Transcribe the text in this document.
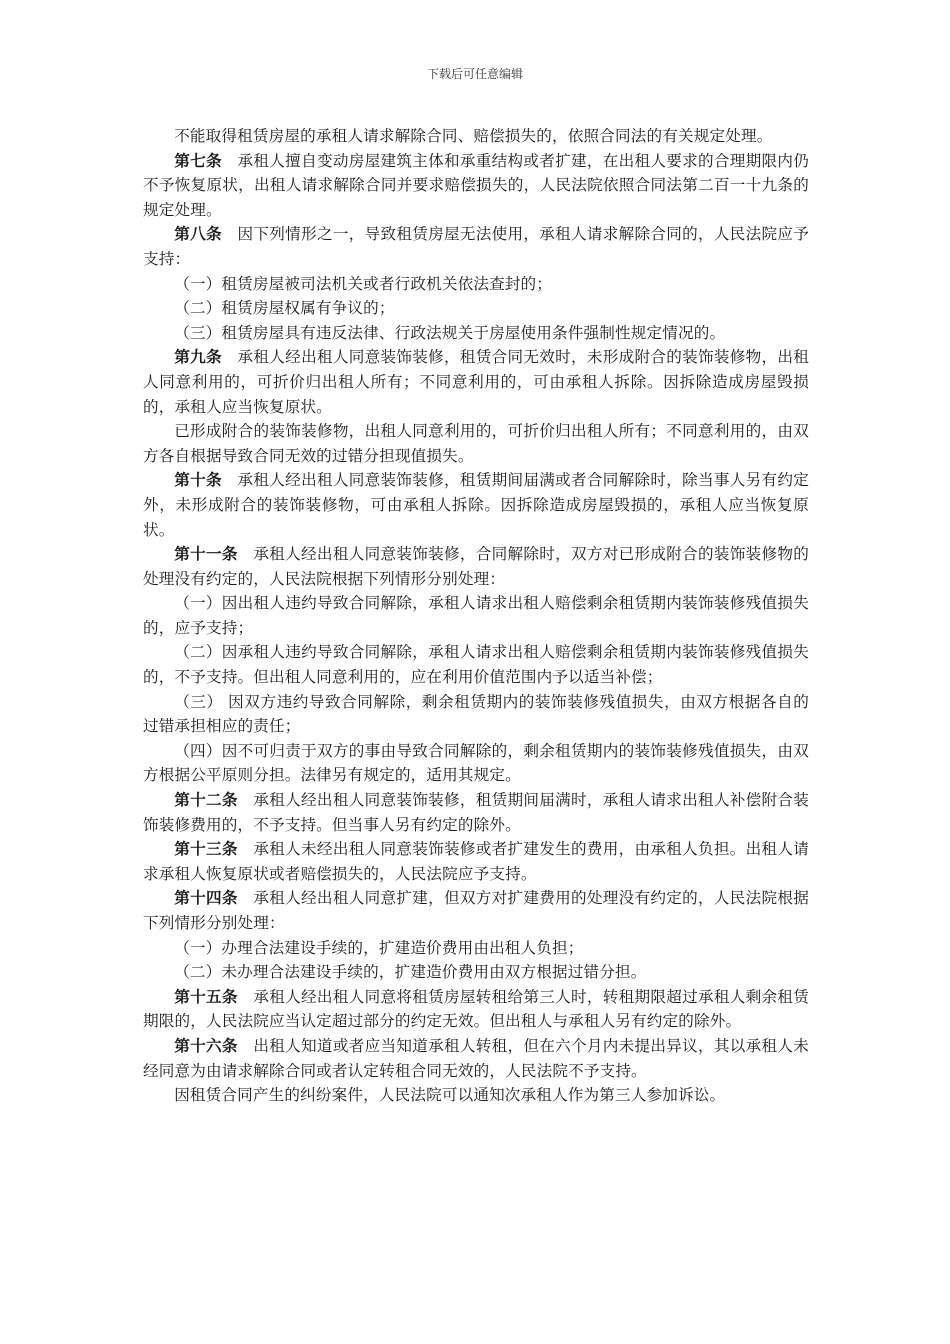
下载后可任意编辑

不能取得租赁房屋的承租人请求解除合同、赔偿损失的，依照合同法的有关规定处理。

第七条 承租人擅自变动房屋建筑主体和承重结构或者扩建，在出租人要求的合理期限内仍不予恢复原状，出租人请求解除合同并要求赔偿损失的，人民法院依照合同法第二百一十九条的规定处理。

第八条 因下列情形之一，导致租赁房屋无法使用，承租人请求解除合同的，人民法院应予支持：

（一）租赁房屋被司法机关或者行政机关依法查封的；

（二）租赁房屋权属有争议的；

（三）租赁房屋具有违反法律、行政法规关于房屋使用条件强制性规定情况的。

第九条 承租人经出租人同意装饰装修，租赁合同无效时，未形成附合的装饰装修物，出租人同意利用的，可折价归出租人所有；不同意利用的，可由承租人拆除。因拆除造成房屋毁损的，承租人应当恢复原状。

已形成附合的装饰装修物，出租人同意利用的，可折价归出租人所有；不同意利用的，由双方各自根据导致合同无效的过错分担现值损失。

第十条 承租人经出租人同意装饰装修，租赁期间届满或者合同解除时，除当事人另有约定外，未形成附合的装饰装修物，可由承租人拆除。因拆除造成房屋毁损的，承租人应当恢复原状。

第十一条 承租人经出租人同意装饰装修，合同解除时，双方对已形成附合的装饰装修物的处理没有约定的，人民法院根据下列情形分别处理：

（一）因出租人违约导致合同解除，承租人请求出租人赔偿剩余租赁期内装饰装修残值损失的，应予支持；

（二）因承租人违约导致合同解除，承租人请求出租人赔偿剩余租赁期内装饰装修残值损失的，不予支持。但出租人同意利用的，应在利用价值范围内予以适当补偿；

（三） 因双方违约导致合同解除，剩余租赁期内的装饰装修残值损失，由双方根据各自的过错承担相应的责任；

（四）因不可归责于双方的事由导致合同解除的，剩余租赁期内的装饰装修残值损失，由双方根据公平原则分担。法律另有规定的，适用其规定。

第十二条 承租人经出租人同意装饰装修，租赁期间届满时，承租人请求出租人补偿附合装饰装修费用的，不予支持。但当事人另有约定的除外。

第十三条 承租人未经出租人同意装饰装修或者扩建发生的费用，由承租人负担。出租人请求承租人恢复原状或者赔偿损失的，人民法院应予支持。

第十四条 承租人经出租人同意扩建，但双方对扩建费用的处理没有约定的，人民法院根据下列情形分别处理：

（一）办理合法建设手续的，扩建造价费用由出租人负担；

（二）未办理合法建设手续的，扩建造价费用由双方根据过错分担。

第十五条 承租人经出租人同意将租赁房屋转租给第三人时，转租期限超过承租人剩余租赁期限的，人民法院应当认定超过部分的约定无效。但出租人与承租人另有约定的除外。

第十六条 出租人知道或者应当知道承租人转租，但在六个月内未提出异议，其以承租人未经同意为由请求解除合同或者认定转租合同无效的，人民法院不予支持。

因租赁合同产生的纠纷案件，人民法院可以通知次承租人作为第三人参加诉讼。
